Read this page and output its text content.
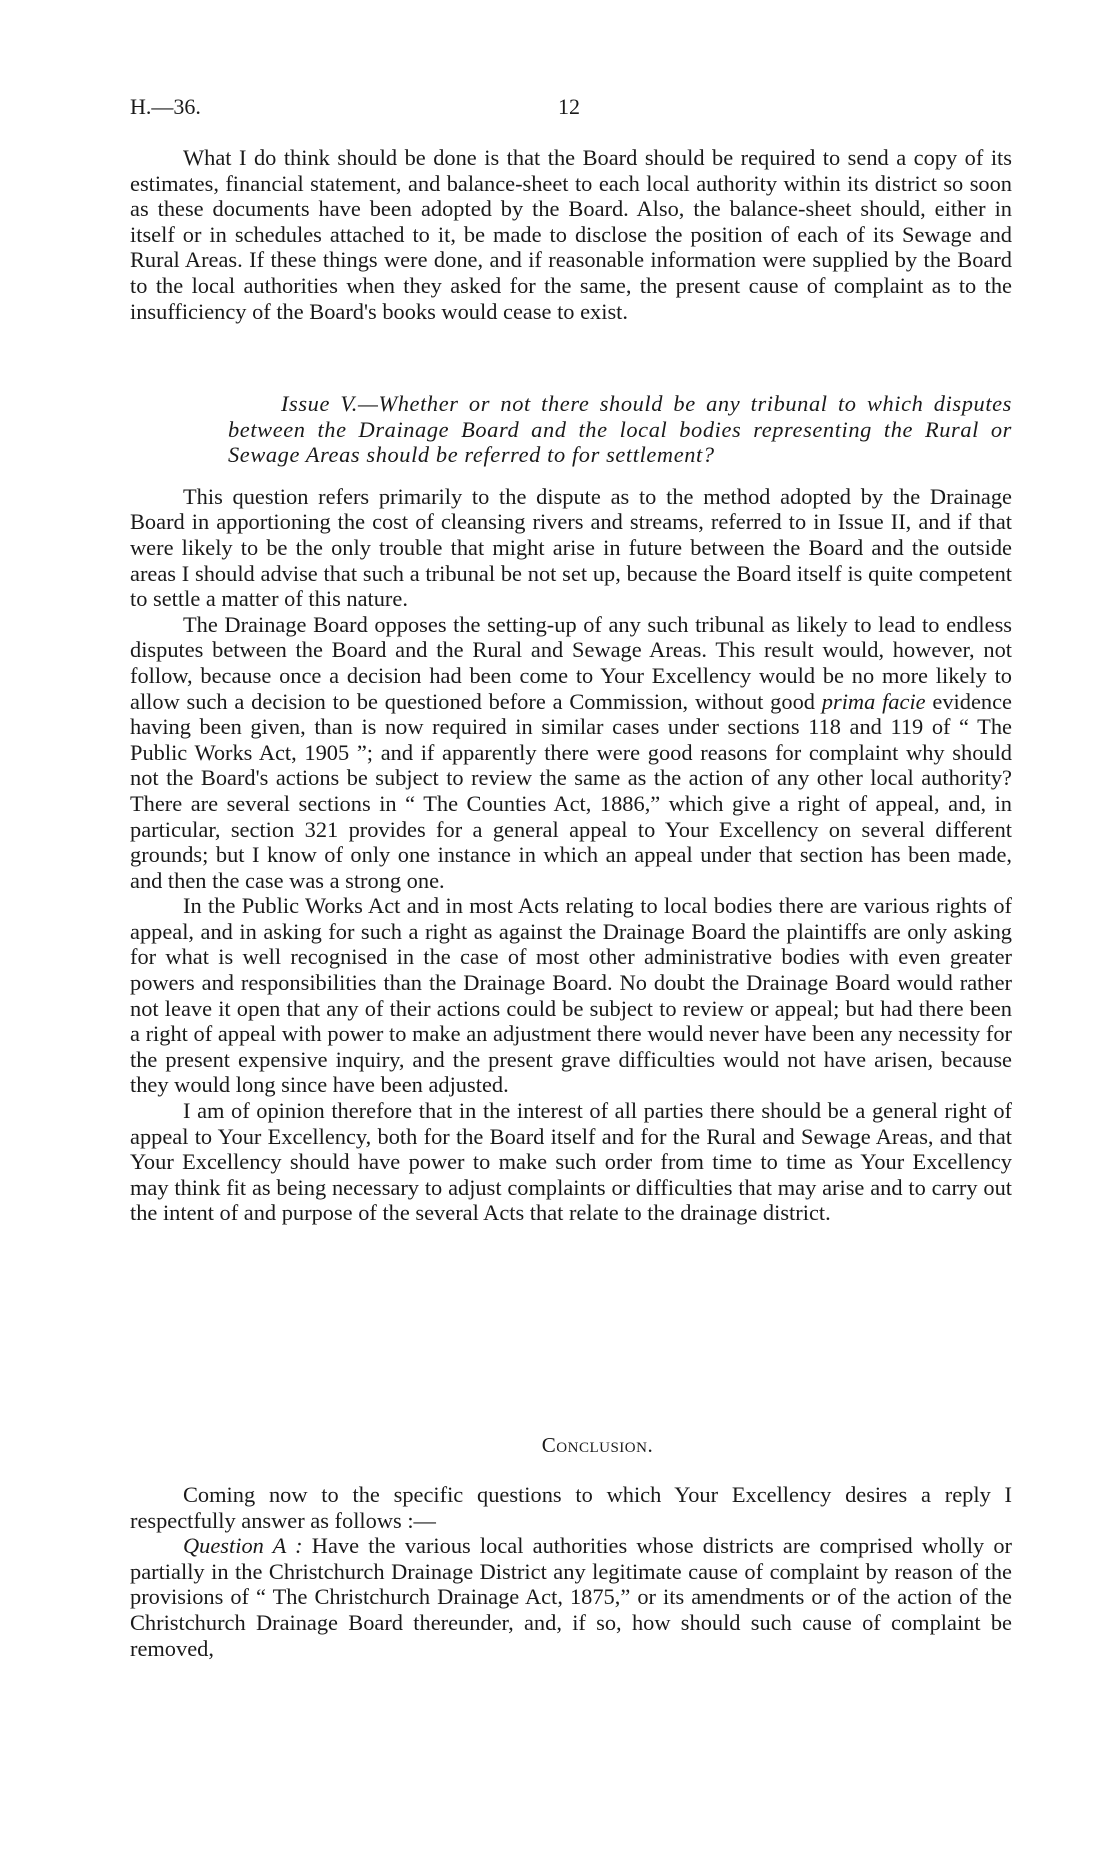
H.—36.	12

What I do think should be done is that the Board should be required to send a copy of its estimates, financial statement, and balance-sheet to each local authority within its district so soon as these documents have been adopted by the Board. Also, the balance-sheet should, either in itself or in schedules attached to it, be made to disclose the position of each of its Sewage and Rural Areas. If these things were done, and if reasonable information were supplied by the Board to the local authorities when they asked for the same, the present cause of complaint as to the insufficiency of the Board's books would cease to exist.

Issue V.—Whether or not there should be any tribunal to which disputes between the Drainage Board and the local bodies representing the Rural or Sewage Areas should be referred to for settlement?

This question refers primarily to the dispute as to the method adopted by the Drainage Board in apportioning the cost of cleansing rivers and streams, referred to in Issue II, and if that were likely to be the only trouble that might arise in future between the Board and the outside areas I should advise that such a tribunal be not set up, because the Board itself is quite competent to settle a matter of this nature.

The Drainage Board opposes the setting-up of any such tribunal as likely to lead to endless disputes between the Board and the Rural and Sewage Areas. This result would, however, not follow, because once a decision had been come to Your Excellency would be no more likely to allow such a decision to be questioned before a Commission, without good prima facie evidence having been given, than is now required in similar cases under sections 118 and 119 of “ The Public Works Act, 1905 ”; and if apparently there were good reasons for complaint why should not the Board's actions be subject to review the same as the action of any other local authority? There are several sections in “ The Counties Act, 1886,” which give a right of appeal, and, in particular, section 321 provides for a general appeal to Your Excellency on several different grounds; but I know of only one instance in which an appeal under that section has been made, and then the case was a strong one.

In the Public Works Act and in most Acts relating to local bodies there are various rights of appeal, and in asking for such a right as against the Drainage Board the plaintiffs are only asking for what is well recognised in the case of most other administrative bodies with even greater powers and responsibilities than the Drainage Board. No doubt the Drainage Board would rather not leave it open that any of their actions could be subject to review or appeal; but had there been a right of appeal with power to make an adjustment there would never have been any necessity for the present expensive inquiry, and the present grave difficulties would not have arisen, because they would long since have been adjusted.

I am of opinion therefore that in the interest of all parties there should be a general right of appeal to Your Excellency, both for the Board itself and for the Rural and Sewage Areas, and that Your Excellency should have power to make such order from time to time as Your Excellency may think fit as being necessary to adjust complaints or difficulties that may arise and to carry out the intent of and purpose of the several Acts that relate to the drainage district.

Conclusion.

Coming now to the specific questions to which Your Excellency desires a reply I respectfully answer as follows :—

Question A : Have the various local authorities whose districts are comprised wholly or partially in the Christchurch Drainage District any legitimate cause of complaint by reason of the provisions of “ The Christchurch Drainage Act, 1875,” or its amendments or of the action of the Christchurch Drainage Board thereunder, and, if so, how should such cause of complaint be removed,
